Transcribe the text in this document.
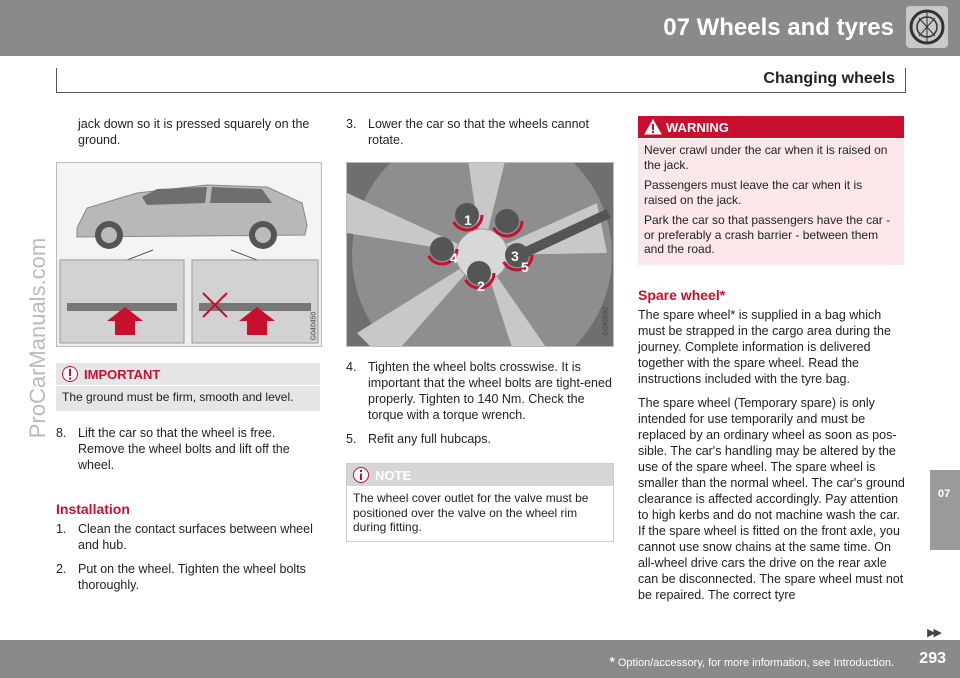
07 Wheels and tyres
Changing wheels
07
ProCarManuals.com

jack down so it is pressed squarely on the ground.

G040450
IMPORTANT
The ground must be firm, smooth and level.
8. Lift the car so that the wheel is free. Remove the wheel bolts and lift off the wheel.
Installation
1. Clean the contact surfaces between wheel and hub.
2. Put on the wheel. Tighten the wheel bolts thoroughly.
3. Lower the car so that the wheels cannot rotate.
1
2
3
4
5
G040692
4. Tighten the wheel bolts crosswise. It is important that the wheel bolts are tight-ened properly. Tighten to 140 Nm. Check the torque with a torque wrench.
5. Refit any full hubcaps.
NOTE
The wheel cover outlet for the valve must be positioned over the valve on the wheel rim during fitting.
WARNING

Never crawl under the car when it is raised on the jack.

Passengers must leave the car when it is raised on the jack.

Park the car so that passengers have the car - or preferably a crash barrier - between them and the road.

Spare wheel*

The spare wheel* is supplied in a bag which must be strapped in the cargo area during the journey. Complete information is delivered together with the spare wheel. Read the instructions included with the tyre bag.

The spare wheel (Temporary spare) is only intended for use temporarily and must be replaced by an ordinary wheel as soon as pos-sible. The car's handling may be altered by the use of the spare wheel. The spare wheel is smaller than the normal wheel. The car's ground clearance is affected accordingly. Pay attention to high kerbs and do not machine wash the car. If the spare wheel is fitted on the front axle, you cannot use snow chains at the same time. On all-wheel drive cars the drive on the rear axle can be disconnected. The spare wheel must not be repaired. The correct tyre

▶▶
* Option/accessory, for more information, see Introduction. 293
